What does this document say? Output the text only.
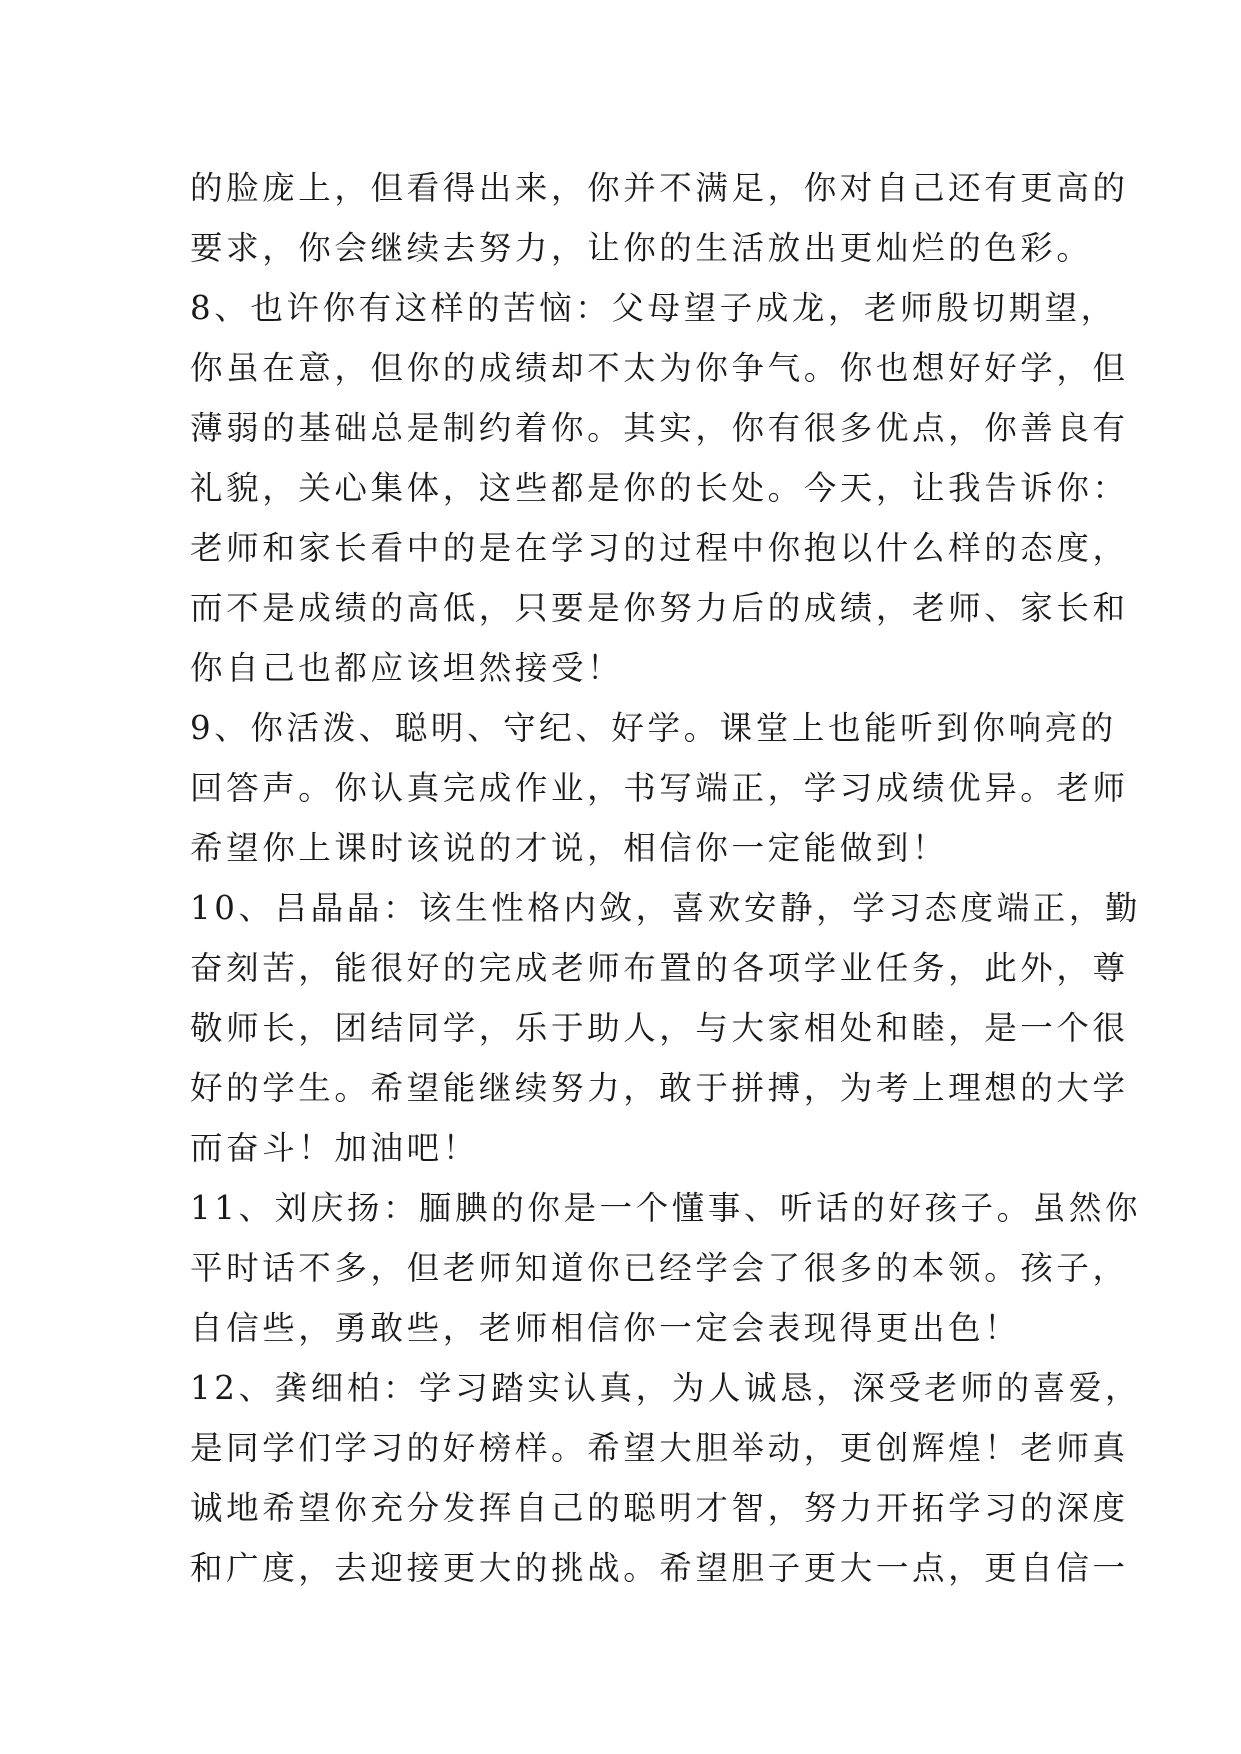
的脸庞上，但看得出来，你并不满足，你对自己还有更高的
要求，你会继续去努力，让你的生活放出更灿烂的色彩。
8、也许你有这样的苦恼：父母望子成龙，老师殷切期望，
你虽在意，但你的成绩却不太为你争气。你也想好好学，但
薄弱的基础总是制约着你。其实，你有很多优点，你善良有
礼貌，关心集体，这些都是你的长处。今天，让我告诉你：
老师和家长看中的是在学习的过程中你抱以什么样的态度，
而不是成绩的高低，只要是你努力后的成绩，老师、家长和
你自己也都应该坦然接受！
9、你活泼、聪明、守纪、好学。课堂上也能听到你响亮的
回答声。你认真完成作业，书写端正，学习成绩优异。老师
希望你上课时该说的才说，相信你一定能做到！
10、吕晶晶：该生性格内敛，喜欢安静，学习态度端正，勤
奋刻苦，能很好的完成老师布置的各项学业任务，此外，尊
敬师长，团结同学，乐于助人，与大家相处和睦，是一个很
好的学生。希望能继续努力，敢于拼搏，为考上理想的大学
而奋斗！加油吧！
11、刘庆扬：腼腆的你是一个懂事、听话的好孩子。虽然你
平时话不多，但老师知道你已经学会了很多的本领。孩子，
自信些，勇敢些，老师相信你一定会表现得更出色！
12、龚细柏：学习踏实认真，为人诚恳，深受老师的喜爱，
是同学们学习的好榜样。希望大胆举动，更创辉煌！老师真
诚地希望你充分发挥自己的聪明才智，努力开拓学习的深度
和广度，去迎接更大的挑战。希望胆子更大一点，更自信一
